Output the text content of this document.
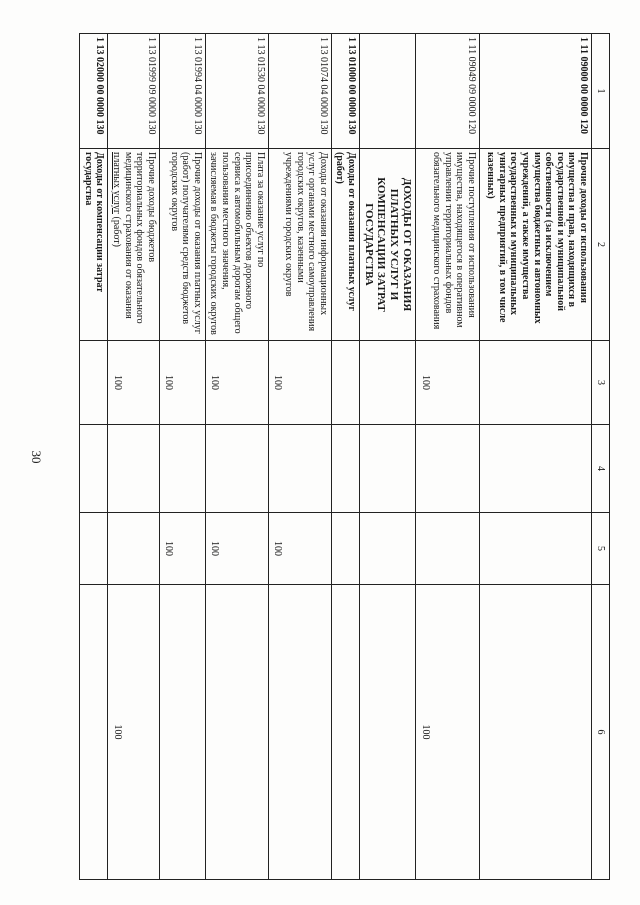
30
1	2	3	4	5	6
1 11 09000 00 0000 120	Прочие доходы от использования имущества и прав, находящихся в государственной и муниципальной собственности (за исключением имущества бюджетных и автономных учреждений, а также имущества государственных и муниципальных унитарных предприятий, в том числе казенных)				
1 11 09049 09 0000 120	Прочие поступления от использования имущества, находящегося в оперативном управлении территориальных фондов обязательного медицинского страхования	100			100
	ДОХОДЫ ОТ ОКАЗАНИЯ ПЛАТНЫХ УСЛУГ И КОМПЕНСАЦИИ ЗАТРАТ ГОСУДАРСТВА				
1 13 01000 00 0000 130	Доходы от оказания платных услуг (работ)				
1 13 01074 04 0000 130	Доходы от оказания информационных услуг органами местного самоуправления городских округов, казенными учреждениями городских округов	100		100	
1 13 01530 04 0000 130	Плата за оказание услуг по присоединению объектов дорожного сервиса к автомобильным дорогам общего пользования местного значения, зачисляемая в бюджеты городских округов	100		100	
1 13 01994 04 0000 130	Прочие доходы от оказания платных услуг (работ) получателями средств бюджетов городских округов	100		100	
1 13 01999 09 0000 130	Прочие доходы бюджетов территориальных фондов обязательного медицинского страхования от оказания платных услуг (работ)	100			100
1 13 02000 00 0000 130	Доходы от компенсации затрат государства				
